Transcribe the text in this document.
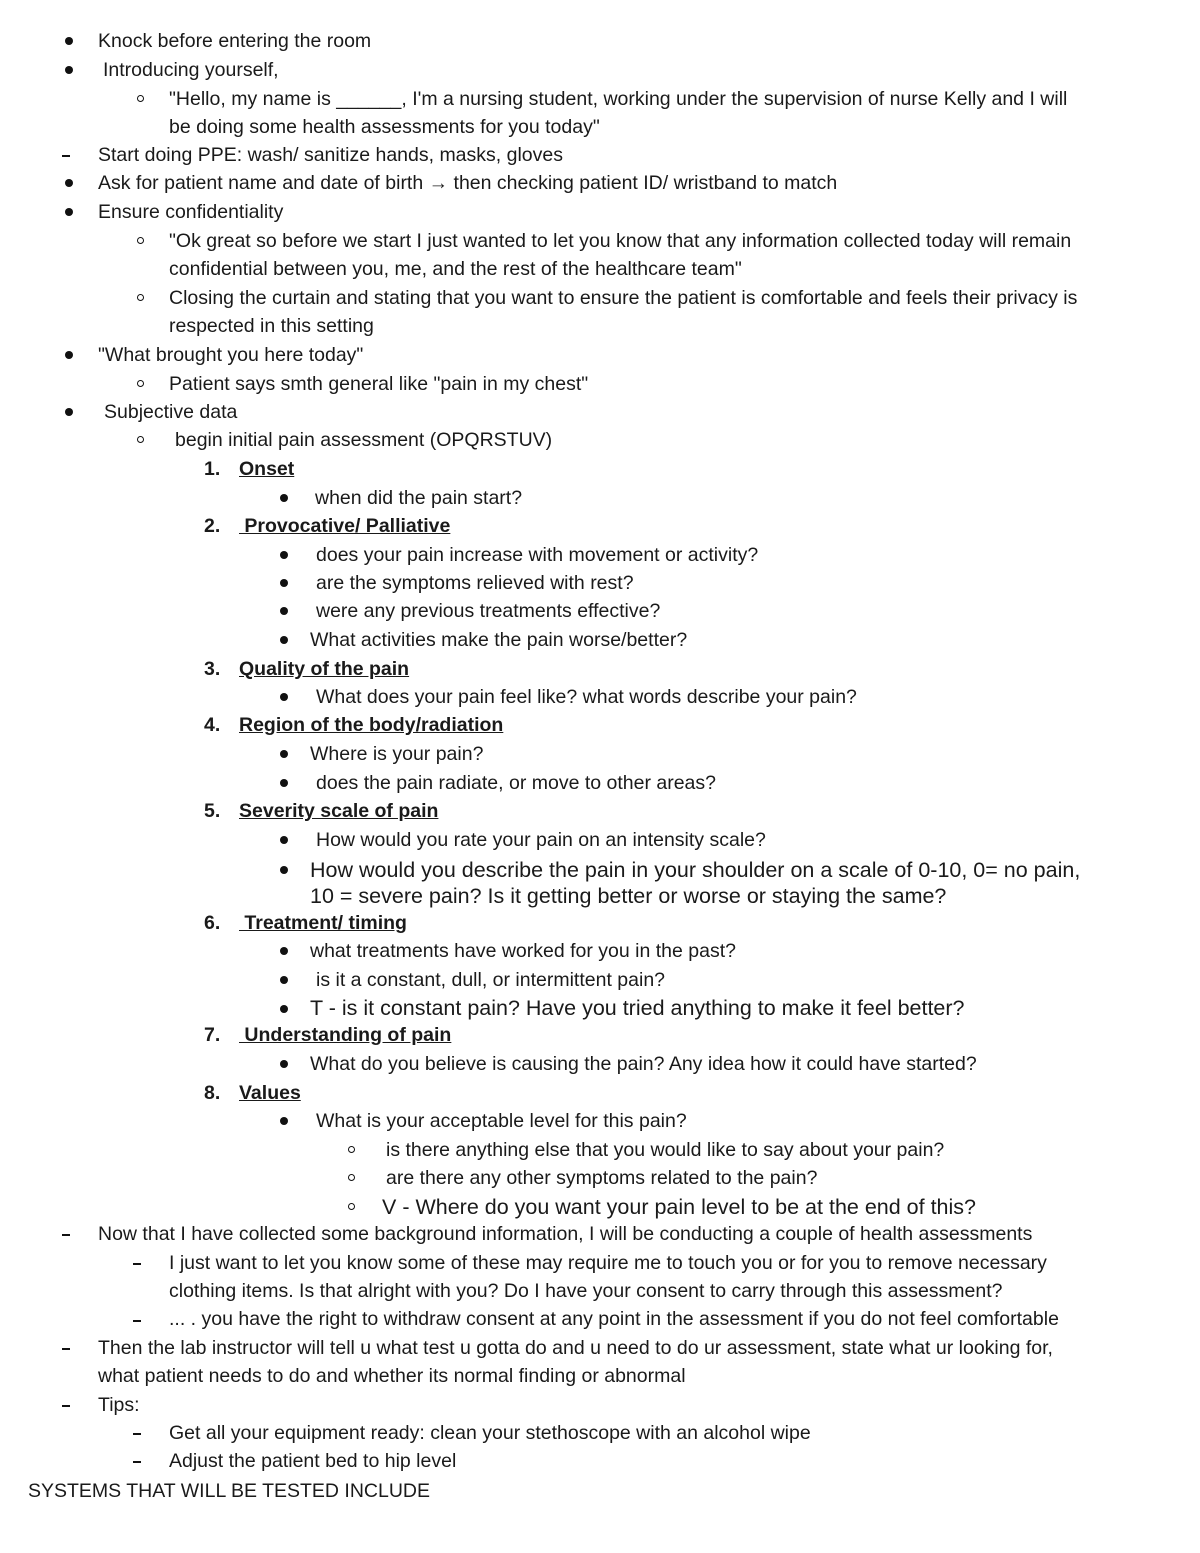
Knock before entering the room
Introducing yourself,
"Hello, my name is ______, I'm a nursing student, working under the supervision of nurse Kelly and I will
be doing some health assessments for you today"
Start doing PPE: wash/ sanitize hands, masks, gloves
Ask for patient name and date of birth → then checking patient ID/ wristband to match
Ensure confidentiality
"Ok great so before we start I just wanted to let you know that any information collected today will remain
confidential between you, me, and the rest of the healthcare team"
Closing the curtain and stating that you want to ensure the patient is comfortable and feels their privacy is
respected in this setting
"What brought you here today"
Patient says smth general like "pain in my chest"
Subjective data
begin initial pain assessment (OPQRSTUV)
1. Onset
when did the pain start?
2. Provocative/ Palliative
does your pain increase with movement or activity?
are the symptoms relieved with rest?
were any previous treatments effective?
What activities make the pain worse/better?
3. Quality of the pain
What does your pain feel like? what words describe your pain?
4. Region of the body/radiation
Where is your pain?
does the pain radiate, or move to other areas?
5. Severity scale of pain
How would you rate your pain on an intensity scale?
How would you describe the pain in your shoulder on a scale of 0-10, 0= no pain,
10 = severe pain? Is it getting better or worse or staying the same?
6. Treatment/ timing
what treatments have worked for you in the past?
is it a constant, dull, or intermittent pain?
T - is it constant pain? Have you tried anything to make it feel better?
7. Understanding of pain
What do you believe is causing the pain? Any idea how it could have started?
8. Values
What is your acceptable level for this pain?
is there anything else that you would like to say about your pain?
are there any other symptoms related to the pain?
V - Where do you want your pain level to be at the end of this?
Now that I have collected some background information, I will be conducting a couple of health assessments
I just want to let you know some of these may require me to touch you or for you to remove necessary
clothing items. Is that alright with you? Do I have your consent to carry through this assessment?
... . you have the right to withdraw consent at any point in the assessment if you do not feel comfortable
Then the lab instructor will tell u what test u gotta do and u need to do ur assessment, state what ur looking for,
what patient needs to do and whether its normal finding or abnormal
Tips:
Get all your equipment ready: clean your stethoscope with an alcohol wipe
Adjust the patient bed to hip level
SYSTEMS THAT WILL BE TESTED INCLUDE
